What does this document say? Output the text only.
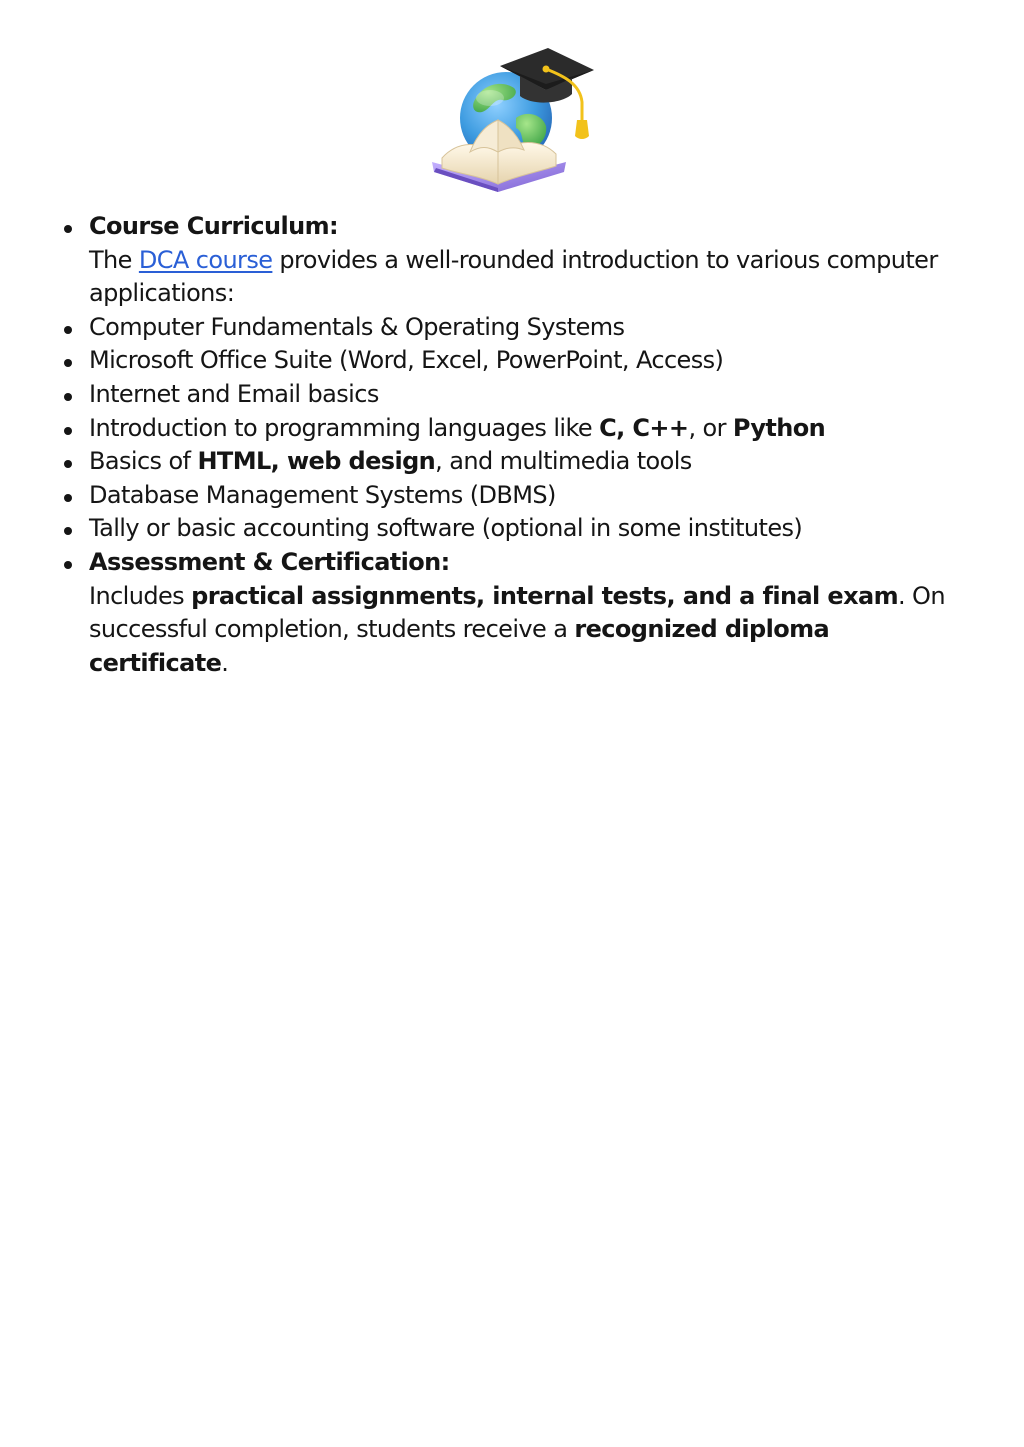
Course Curriculum:
The DCA course provides a well-rounded introduction to various computer applications:
Computer Fundamentals & Operating Systems
Microsoft Office Suite (Word, Excel, PowerPoint, Access)
Internet and Email basics
Introduction to programming languages like C, C++, or Python
Basics of HTML, web design, and multimedia tools
Database Management Systems (DBMS)
Tally or basic accounting software (optional in some institutes)
Assessment & Certification:
Includes practical assignments, internal tests, and a final exam. On successful completion, students receive a recognized diploma certificate.
